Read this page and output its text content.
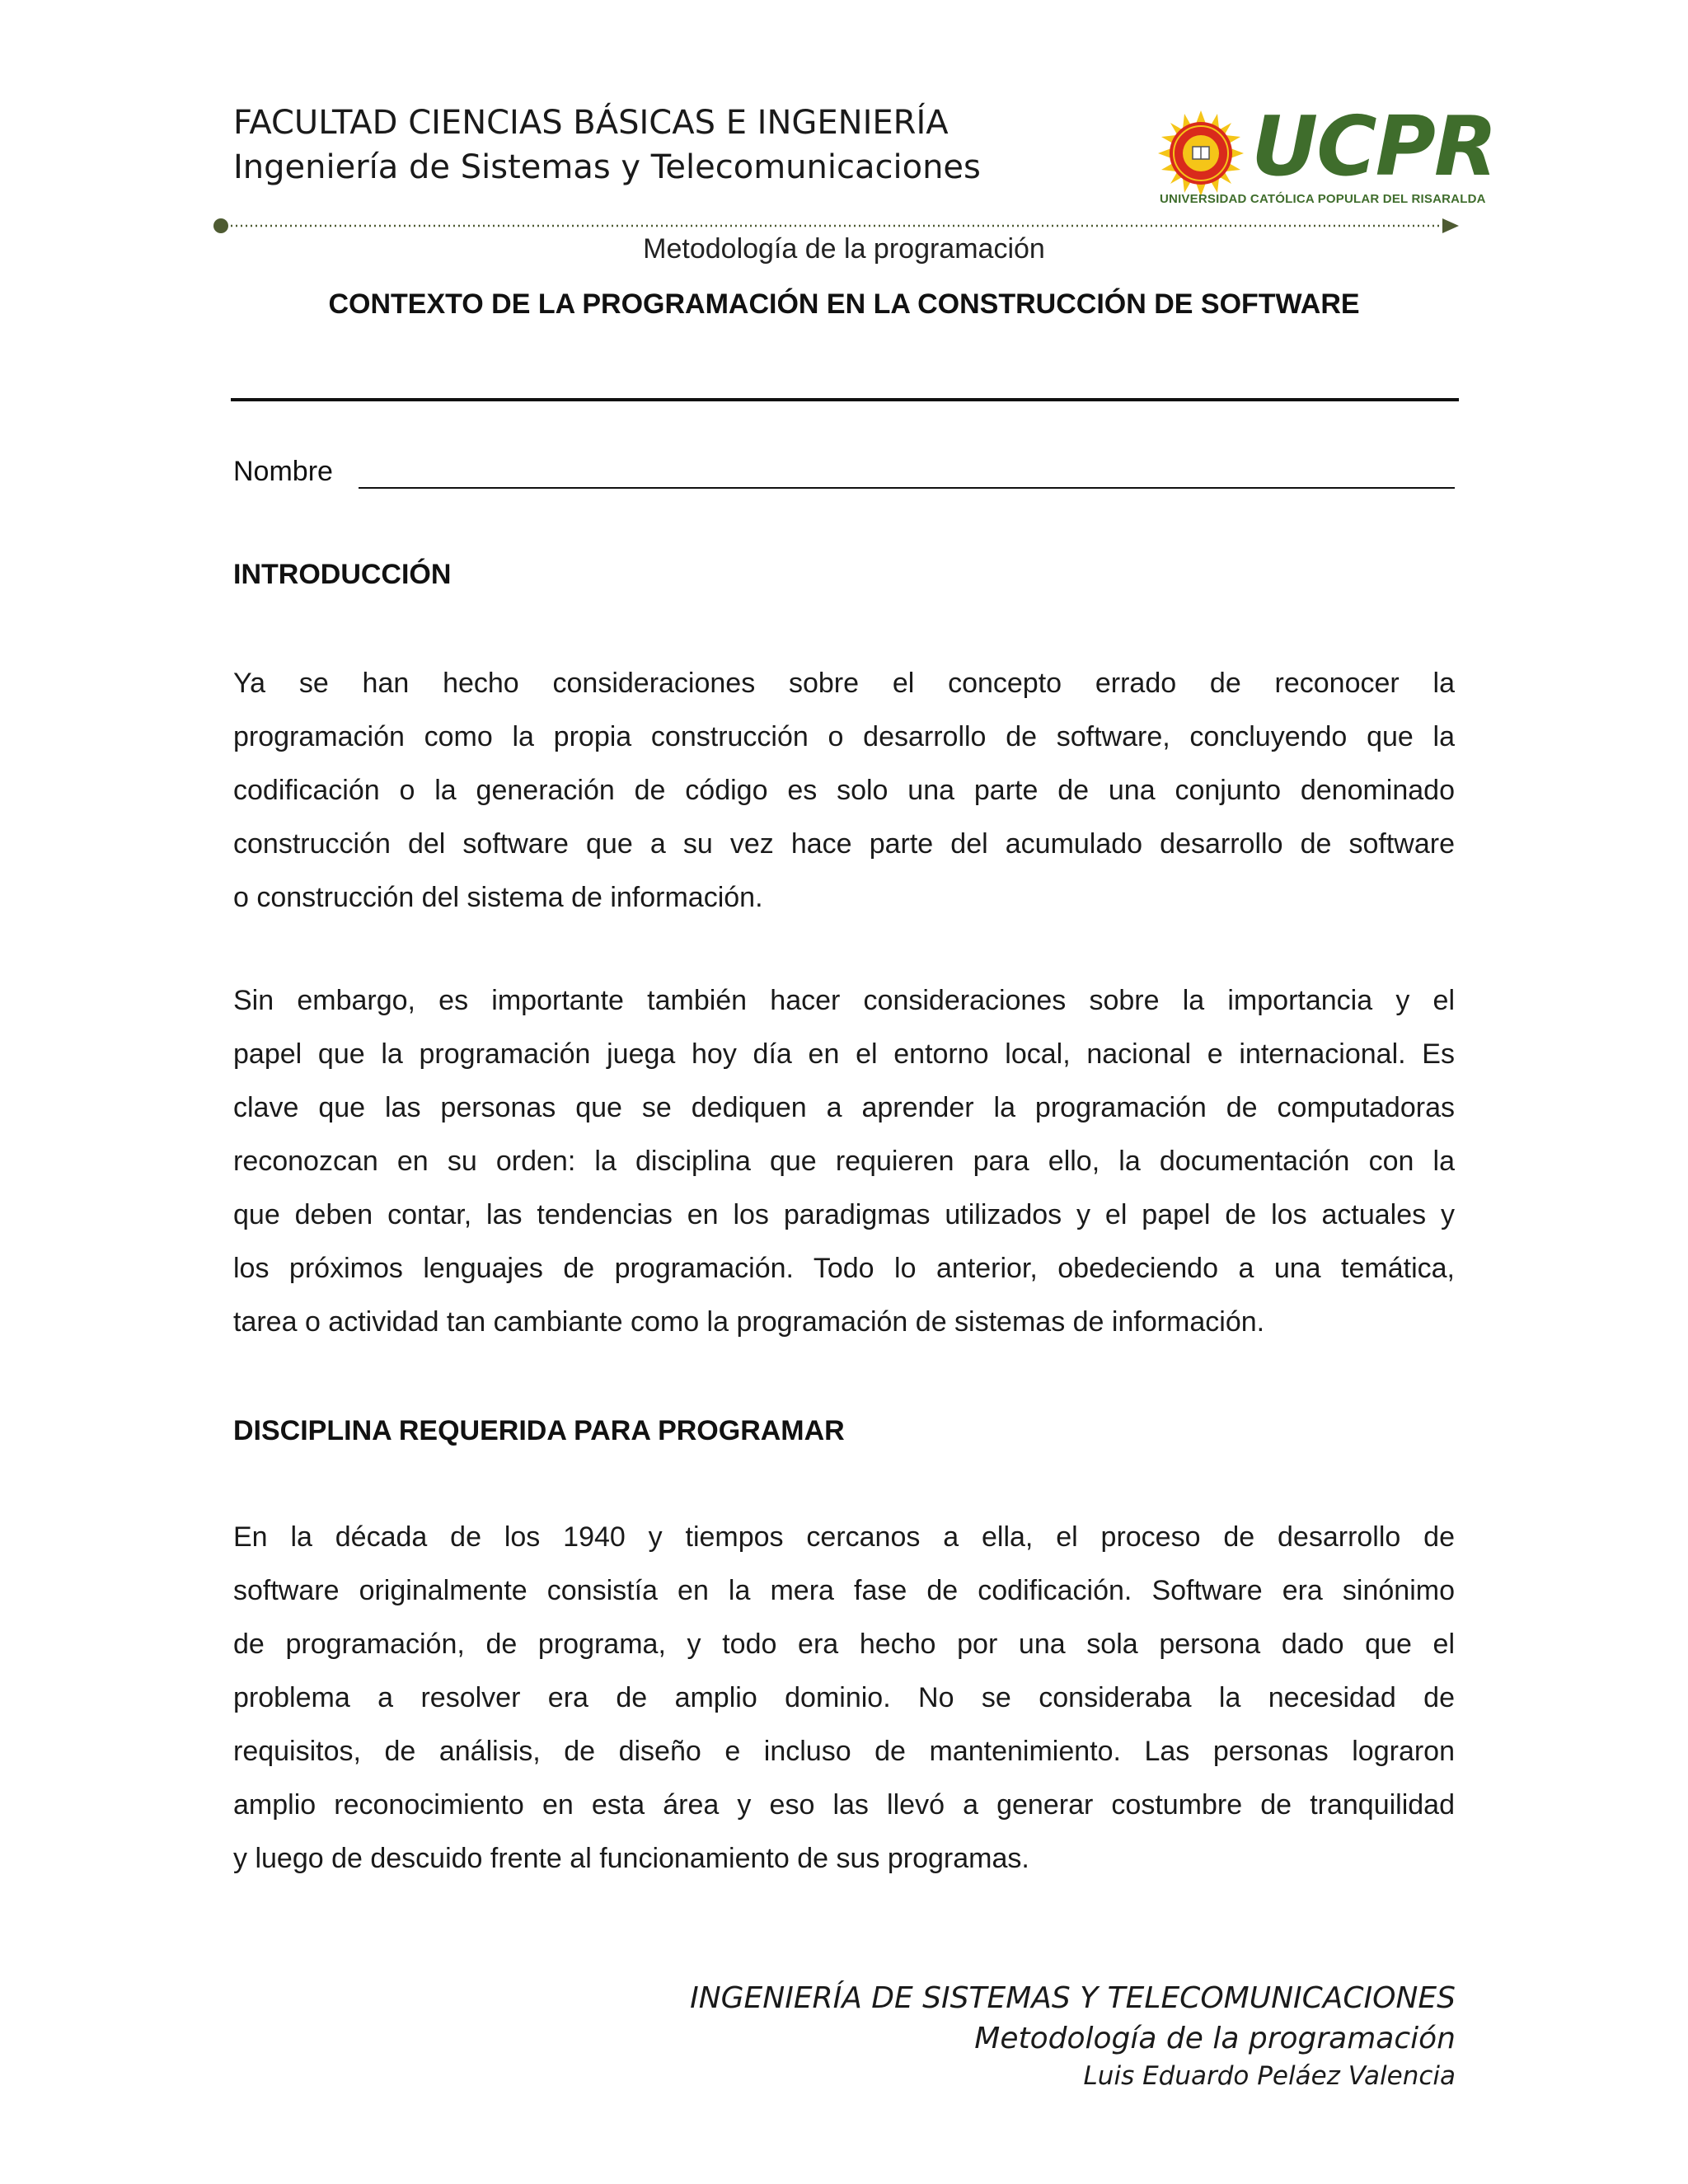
FACULTAD CIENCIAS BÁSICAS E INGENIERÍA
Ingeniería de Sistemas y Telecomunicaciones	UCPR
UNIVERSIDAD CATÓLICA POPULAR DEL RISARALDA
Metodología de la programación
CONTEXTO DE LA PROGRAMACIÓN EN LA CONSTRUCCIÓN DE SOFTWARE
Nombre
INTRODUCCIÓN

Ya se han hecho consideraciones sobre el concepto errado de reconocer la
programación como la propia construcción o desarrollo de software, concluyendo que la
codificación o la generación de código es solo una parte de una conjunto denominado
construcción del software que a su vez hace parte del acumulado desarrollo de software
o construcción del sistema de información.

Sin embargo, es importante también hacer consideraciones sobre la importancia y el
papel que la programación juega hoy día en el entorno local, nacional e internacional. Es
clave que las personas que se dediquen a aprender la programación de computadoras
reconozcan en su orden: la disciplina que requieren para ello, la documentación con la
que deben contar, las tendencias en los paradigmas utilizados y el papel de los actuales y
los próximos lenguajes de programación. Todo lo anterior, obedeciendo a una temática,
tarea o actividad tan cambiante como la programación de sistemas de información.

DISCIPLINA REQUERIDA PARA PROGRAMAR

En la década de los 1940 y tiempos cercanos a ella, el proceso de desarrollo de
software originalmente consistía en la mera fase de codificación. Software era sinónimo
de programación, de programa, y todo era hecho por una sola persona dado que el
problema a resolver era de amplio dominio. No se consideraba la necesidad de
requisitos, de análisis, de diseño e incluso de mantenimiento. Las personas lograron
amplio reconocimiento en esta área y eso las llevó a generar costumbre de tranquilidad
y luego de descuido frente al funcionamiento de sus programas.

INGENIERÍA DE SISTEMAS Y TELECOMUNICACIONES
Metodología de la programación
Luis Eduardo Peláez Valencia
